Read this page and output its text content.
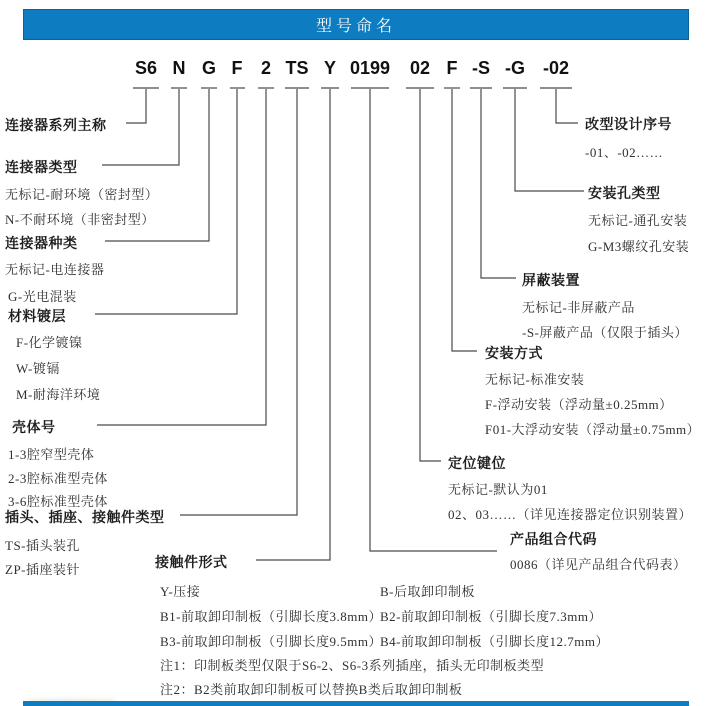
型号命名
S6 N G F 2 TS Y 0199 02 F -S -G -02
连接器系列主称
连接器类型
无标记-耐环境（密封型）
N-不耐环境（非密封型）
连接器种类
无标记-电连接器
G-光电混装
材料镀层
F-化学镀镍
W-镀镉
M-耐海洋环境
壳体号
1-3腔窄型壳体
2-3腔标准型壳体
3-6腔标准型壳体
插头、插座、接触件类型
TS-插头装孔
ZP-插座装针	接触件形式
Y-压接	B-后取卸印制板
B1-前取卸印制板（引脚长度3.8mm）
B2-前取卸印制板（引脚长度7.3mm）
B3-前取卸印制板（引脚长度9.5mm）
B4-前取卸印制板（引脚长度12.7mm）
注1：印制板类型仅限于S6-2、S6-3系列插座，插头无印制板类型
注2：B2类前取卸印制板可以替换B类后取卸印制板
产品组合代码
0086（详见产品组合代码表）
定位键位
无标记-默认为01
02、03……（详见连接器定位识别装置）
安装方式
无标记-标准安装
F-浮动安装（浮动量±0.25mm）
F01-大浮动安装（浮动量±0.75mm）
屏蔽装置
无标记-非屏蔽产品
-S-屏蔽产品（仅限于插头）
安装孔类型
无标记-通孔安装
G-M3螺纹孔安装
改型设计序号
-01、-02……
